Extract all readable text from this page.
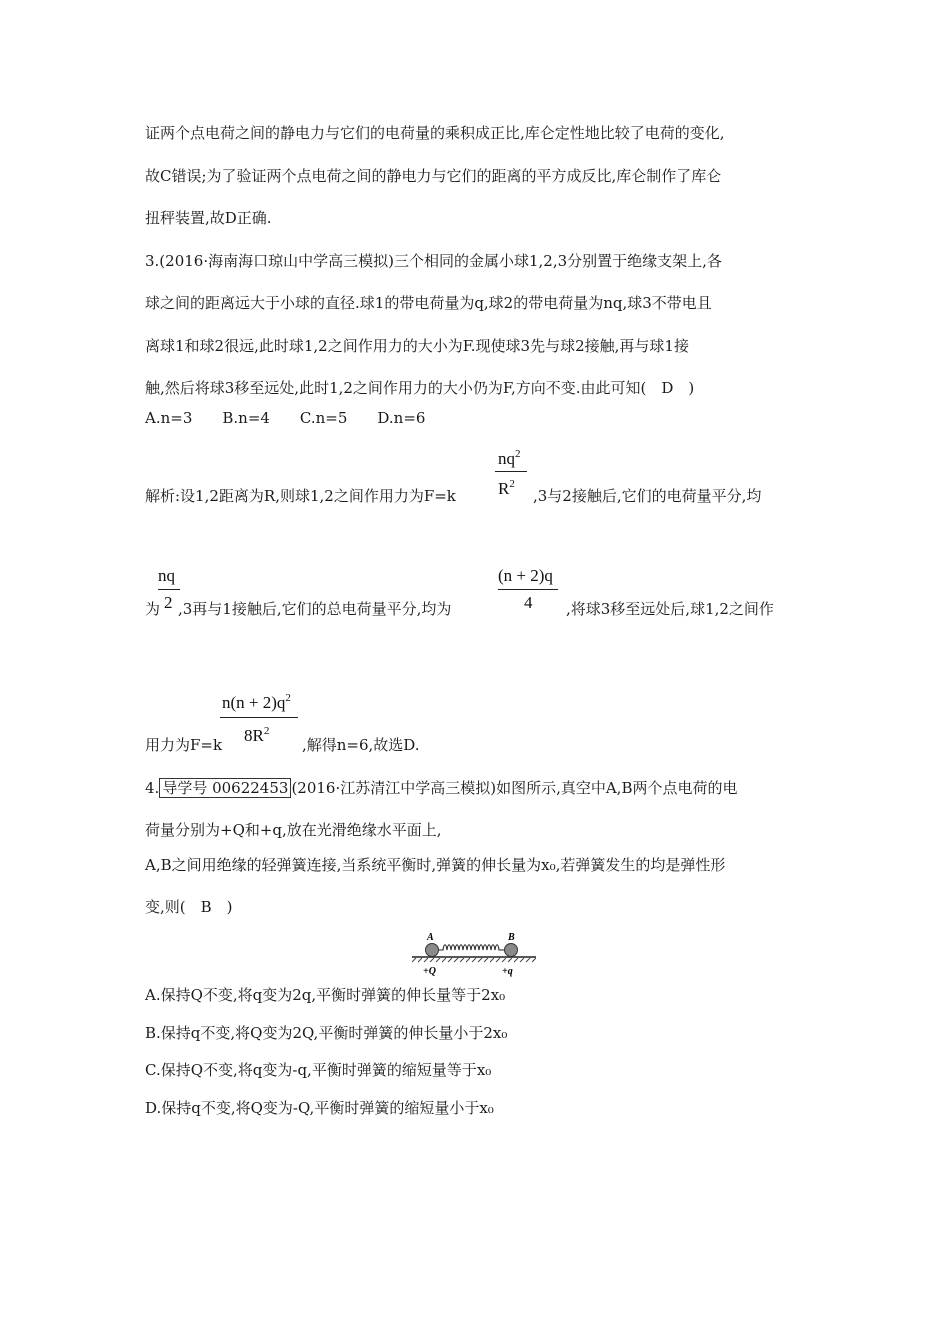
证两个点电荷之间的静电力与它们的电荷量的乘积成正比,库仑定性地比较了电荷的变化,
故C错误;为了验证两个点电荷之间的静电力与它们的距离的平方成反比,库仑制作了库仑
扭秤装置,故D正确.
3.(2016·海南海口琼山中学高三模拟)三个相同的金属小球1,2,3分别置于绝缘支架上,各
球之间的距离远大于小球的直径.球1的带电荷量为q,球2的带电荷量为nq,球3不带电且
离球1和球2很远,此时球1,2之间作用力的大小为F.现使球3先与球2接触,再与球1接
触,然后将球3移至远处,此时1,2之间作用力的大小仍为F,方向不变.由此可知(　D　)
A.n=3　　B.n=4　　C.n=5　　D.n=6
解析:设1,2距离为R,则球1,2之间作用力为F=k
$nq^2$
$R^2$
,3与2接触后,它们的电荷量平分,均
为
nq
2 ,3再与1接触后,它们的总电荷量平分,均为
(n + 2)q
4 ,将球3移至远处后,球1,2之间作
用力为F=k
$n(n + 2)q^2$
$8R^2$
,解得n=6,故选D.
4. 导学号 00622453 (2016·江苏清江中学高三模拟)如图所示,真空中A,B两个点电荷的电
荷量分别为+Q和+q,放在光滑绝缘水平面上,
A,B之间用绝缘的轻弹簧连接,当系统平衡时,弹簧的伸长量为x₀,若弹簧发生的均是弹性形
变,则(　B　)
A	B
+Q	+q
A.保持Q不变,将q变为2q,平衡时弹簧的伸长量等于2x₀
B.保持q不变,将Q变为2Q,平衡时弹簧的伸长量小于2x₀
C.保持Q不变,将q变为-q,平衡时弹簧的缩短量等于x₀
D.保持q不变,将Q变为-Q,平衡时弹簧的缩短量小于x₀
